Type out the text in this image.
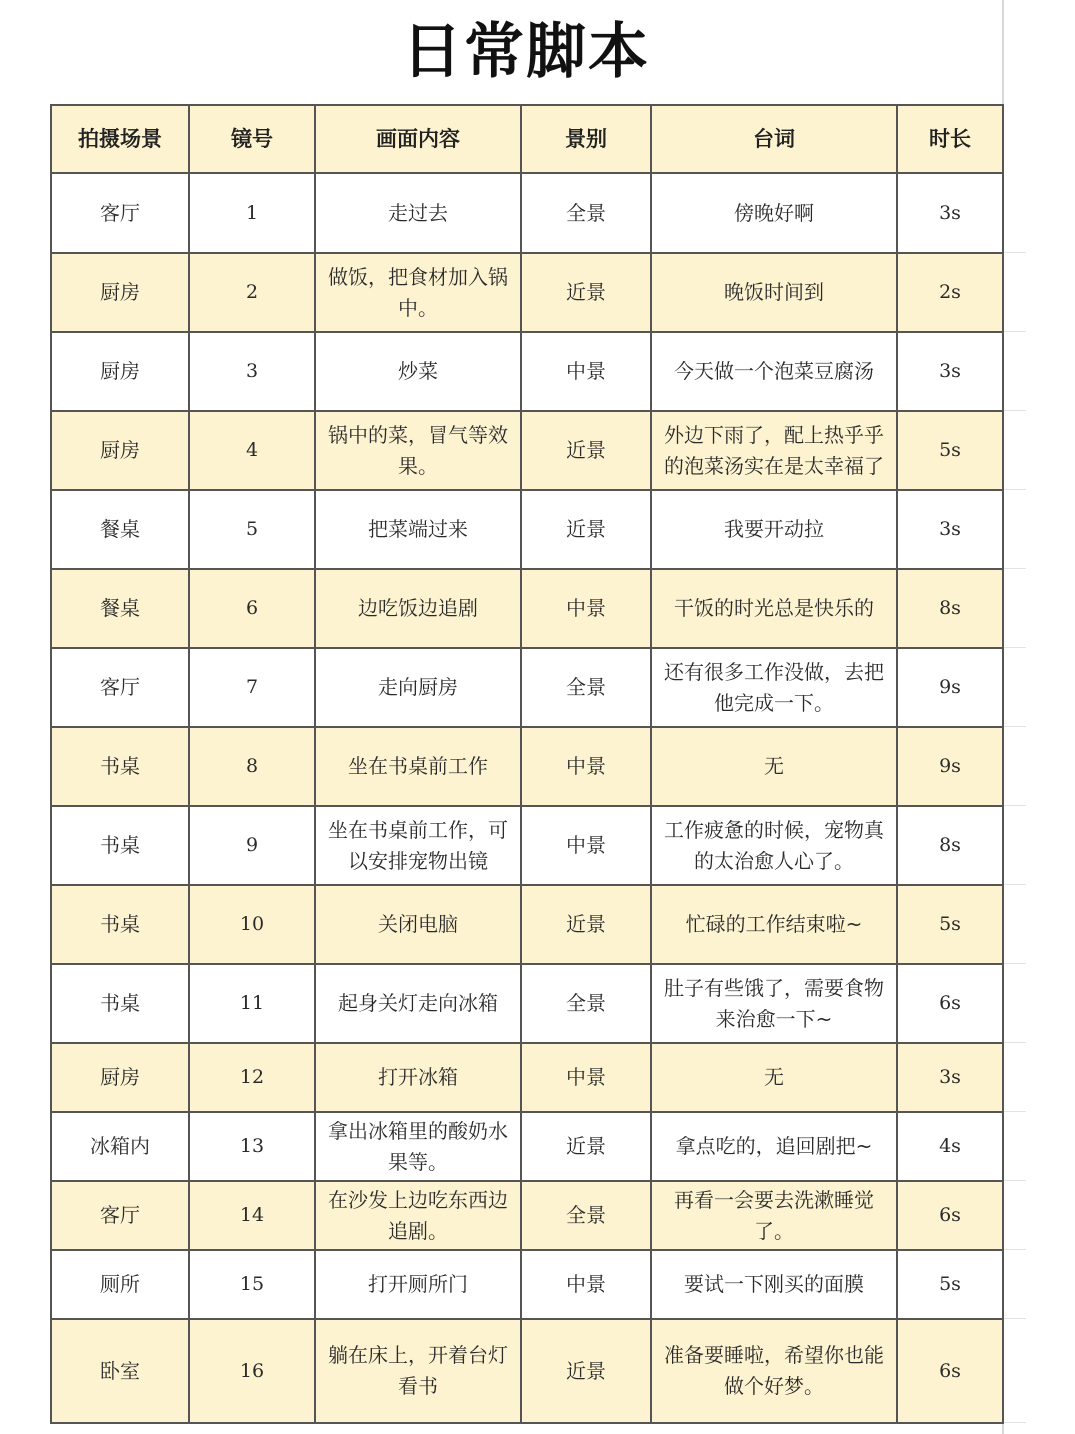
日常脚本
拍摄场景	镜号	画面内容	景别	台词	时长

客厅	1	走过去	全景	傍晚好啊	3s

厨房	2	做饭，把食材加入锅中。	近景	晚饭时间到	2s

厨房	3	炒菜	中景	今天做一个泡菜豆腐汤	3s

厨房	4	锅中的菜，冒气等效果。	近景	外边下雨了，配上热乎乎的泡菜汤实在是太幸福了	5s

餐桌	5	把菜端过来	近景	我要开动拉	3s

餐桌	6	边吃饭边追剧	中景	干饭的时光总是快乐的	8s

客厅	7	走向厨房	全景	还有很多工作没做，去把他完成一下。	9s

书桌	8	坐在书桌前工作	中景	无	9s

书桌	9	坐在书桌前工作，可以安排宠物出镜	中景	工作疲惫的时候，宠物真的太治愈人心了。	8s

书桌	10	关闭电脑	近景	忙碌的工作结束啦~	5s

书桌	11	起身关灯走向冰箱	全景	肚子有些饿了，需要食物来治愈一下~	6s

厨房	12	打开冰箱	中景	无	3s

冰箱内	13	拿出冰箱里的酸奶水果等。	近景	拿点吃的，追回剧把~	4s

客厅	14	在沙发上边吃东西边追剧。	全景	再看一会要去洗漱睡觉了。	6s

厕所	15	打开厕所门	中景	要试一下刚买的面膜	5s

卧室	16	躺在床上，开着台灯看书	近景	准备要睡啦，希望你也能做个好梦。	6s
